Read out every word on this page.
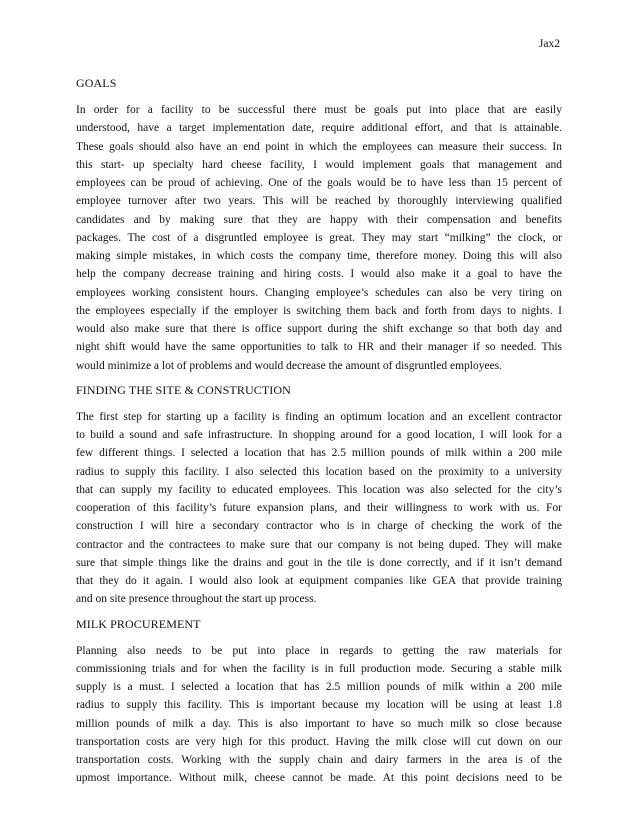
Jax2
GOALS
In order for a facility to be successful there must be goals put into place that are easily
understood, have a target implementation date, require additional effort, and that is attainable.
These goals should also have an end point in which the employees can measure their success. In
this start- up specialty hard cheese facility, I would implement goals that management and
employees can be proud of achieving. One of the goals would be to have less than 15 percent of
employee turnover after two years. This will be reached by thoroughly interviewing qualified
candidates and by making sure that they are happy with their compensation and benefits
packages. The cost of a disgruntled employee is great. They may start “milking” the clock, or
making simple mistakes, in which costs the company time, therefore money. Doing this will also
help the company decrease training and hiring costs. I would also make it a goal to have the
employees working consistent hours. Changing employee’s schedules can also be very tiring on
the employees especially if the employer is switching them back and forth from days to nights. I
would also make sure that there is office support during the shift exchange so that both day and
night shift would have the same opportunities to talk to HR and their manager if so needed. This
would minimize a lot of problems and would decrease the amount of disgruntled employees.
FINDING THE SITE & CONSTRUCTION
The first step for starting up a facility is finding an optimum location and an excellent contractor
to build a sound and safe infrastructure. In shopping around for a good location, I will look for a
few different things. I selected a location that has 2.5 million pounds of milk within a 200 mile
radius to supply this facility. I also selected this location based on the proximity to a university
that can supply my facility to educated employees. This location was also selected for the city’s
cooperation of this facility’s future expansion plans, and their willingness to work with us. For
construction I will hire a secondary contractor who is in charge of checking the work of the
contractor and the contractees to make sure that our company is not being duped. They will make
sure that simple things like the drains and gout in the tile is done correctly, and if it isn’t demand
that they do it again. I would also look at equipment companies like GEA that provide training
and on site presence throughout the start up process.
MILK PROCUREMENT
Planning also needs to be put into place in regards to getting the raw materials for
commissioning trials and for when the facility is in full production mode. Securing a stable milk
supply is a must. I selected a location that has 2.5 million pounds of milk within a 200 mile
radius to supply this facility. This is important because my location will be using at least 1.8
million pounds of milk a day. This is also important to have so much milk so close because
transportation costs are very high for this product. Having the milk close will cut down on our
transportation costs. Working with the supply chain and dairy farmers in the area is of the
upmost importance. Without milk, cheese cannot be made. At this point decisions need to be
